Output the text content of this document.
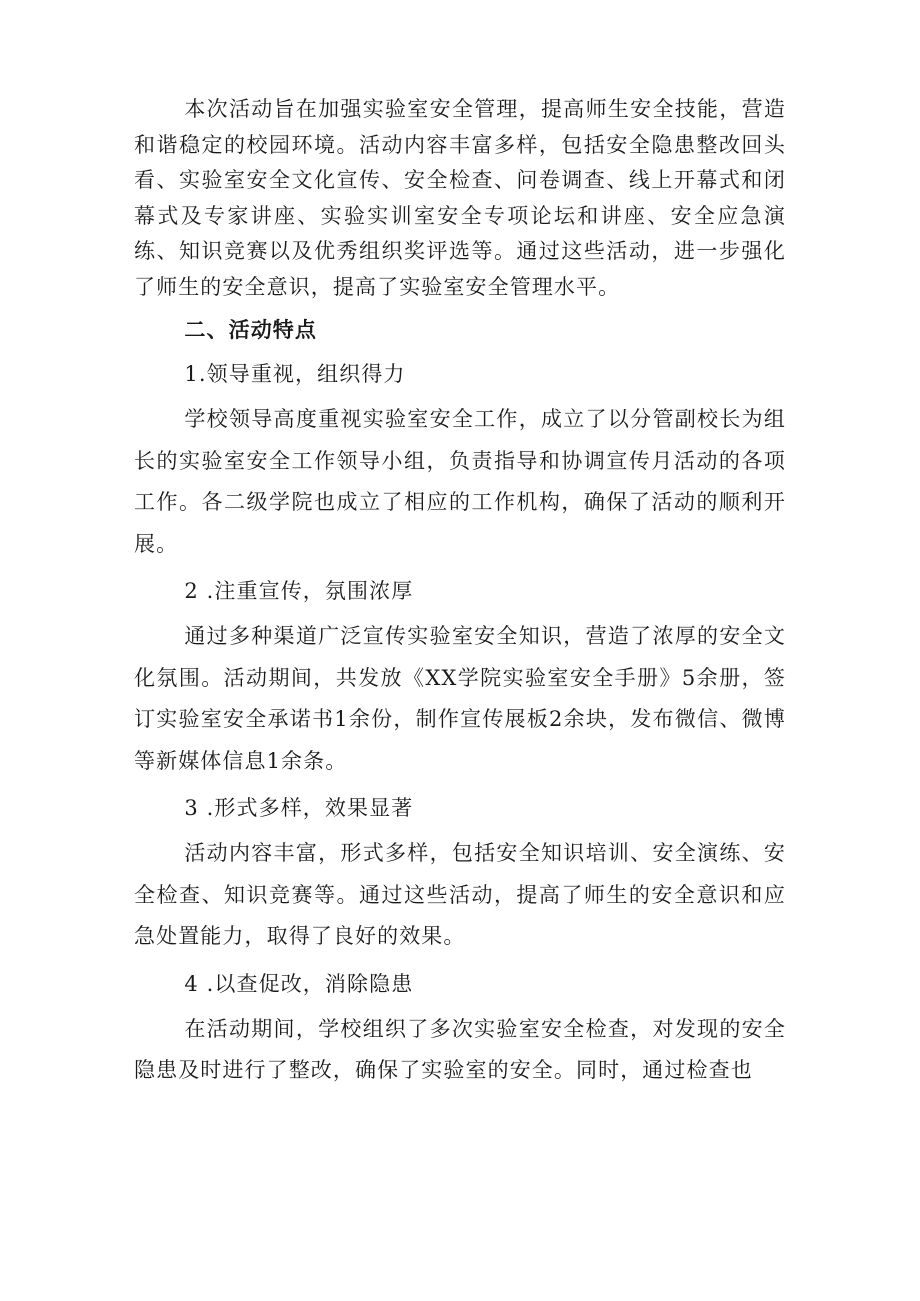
本次活动旨在加强实验室安全管理，提高师生安全技能，营造和谐稳定的校园环境。活动内容丰富多样，包括安全隐患整改回头看、实验室安全文化宣传、安全检查、问卷调查、线上开幕式和闭幕式及专家讲座、实验实训室安全专项论坛和讲座、安全应急演练、知识竞赛以及优秀组织奖评选等。通过这些活动，进一步强化了师生的安全意识，提高了实验室安全管理水平。

二、活动特点

1.领导重视，组织得力

学校领导高度重视实验室安全工作，成立了以分管副校长为组长的实验室安全工作领导小组，负责指导和协调宣传月活动的各项工作。各二级学院也成立了相应的工作机构，确保了活动的顺利开展。

2 .注重宣传，氛围浓厚

通过多种渠道广泛宣传实验室安全知识，营造了浓厚的安全文化氛围。活动期间，共发放《XX学院实验室安全手册》5余册，签订实验室安全承诺书1余份，制作宣传展板2余块，发布微信、微博等新媒体信息1余条。

3 .形式多样，效果显著

活动内容丰富，形式多样，包括安全知识培训、安全演练、安全检查、知识竞赛等。通过这些活动，提高了师生的安全意识和应急处置能力，取得了良好的效果。

4 .以查促改，消除隐患

在活动期间，学校组织了多次实验室安全检查，对发现的安全隐患及时进行了整改，确保了实验室的安全。同时，通过检查也
